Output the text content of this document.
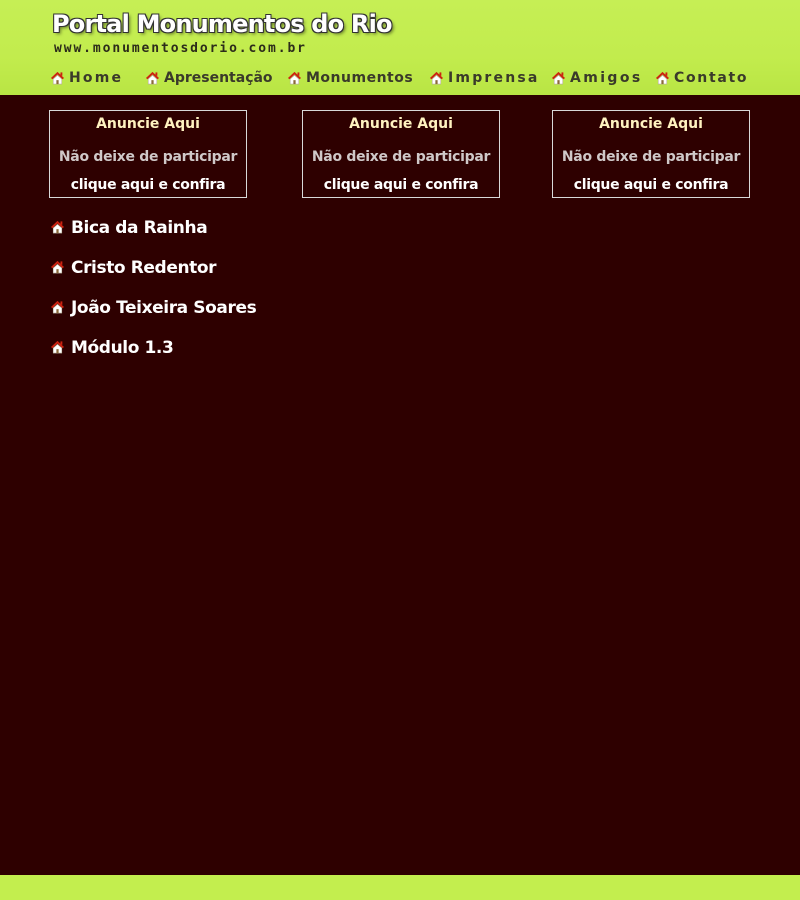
Portal Monumentos do Rio
www.monumentosdorio.com.br
Home	Apresentação Monumentos Imprensa Amigos Contato
Anuncie Aqui
Não deixe de participar
clique aqui e confira
Anuncie Aqui
Não deixe de participar
clique aqui e confira
Anuncie Aqui
Não deixe de participar
clique aqui e confira
Bica da Rainha
Cristo Redentor
João Teixeira Soares
Módulo 1.3
